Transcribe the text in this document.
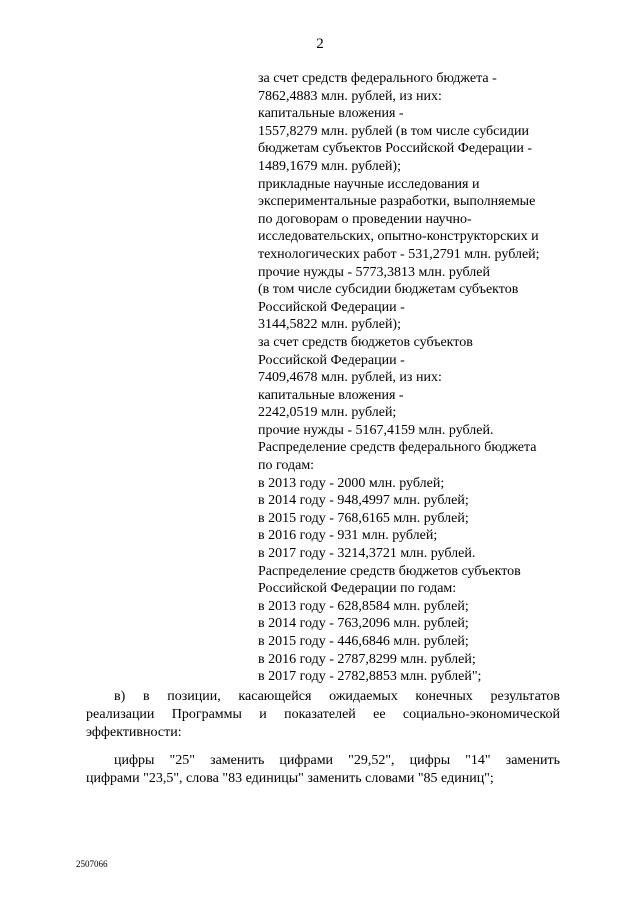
2
за счет средств федерального бюджета -
7862,4883 млн. рублей, из них:
капитальные вложения -
1557,8279 млн. рублей (в том числе субсидии
бюджетам субъектов Российской Федерации -
1489,1679 млн. рублей);
прикладные научные исследования и
экспериментальные разработки, выполняемые
по договорам о проведении научно-
исследовательских, опытно-конструкторских и
технологических работ - 531,2791 млн. рублей;
прочие нужды - 5773,3813 млн. рублей
(в том числе субсидии бюджетам субъектов
Российской Федерации -
3144,5822 млн. рублей);
за счет средств бюджетов субъектов
Российской Федерации -
7409,4678 млн. рублей, из них:
капитальные вложения -
2242,0519 млн. рублей;
прочие нужды - 5167,4159 млн. рублей.
Распределение средств федерального бюджета
по годам:
в 2013 году - 2000 млн. рублей;
в 2014 году - 948,4997 млн. рублей;
в 2015 году - 768,6165 млн. рублей;
в 2016 году - 931 млн. рублей;
в 2017 году - 3214,3721 млн. рублей.
Распределение средств бюджетов субъектов
Российской Федерации по годам:
в 2013 году - 628,8584 млн. рублей;
в 2014 году - 763,2096 млн. рублей;
в 2015 году - 446,6846 млн. рублей;
в 2016 году - 2787,8299 млн. рублей;
в 2017 году - 2782,8853 млн. рублей";
в) в позиции, касающейся ожидаемых конечных результатов
реализации Программы и показателей ее социально-экономической
эффективности:
цифры "25" заменить цифрами "29,52", цифры "14" заменить
цифрами "23,5", слова "83 единицы" заменить словами "85 единиц";
2507066
